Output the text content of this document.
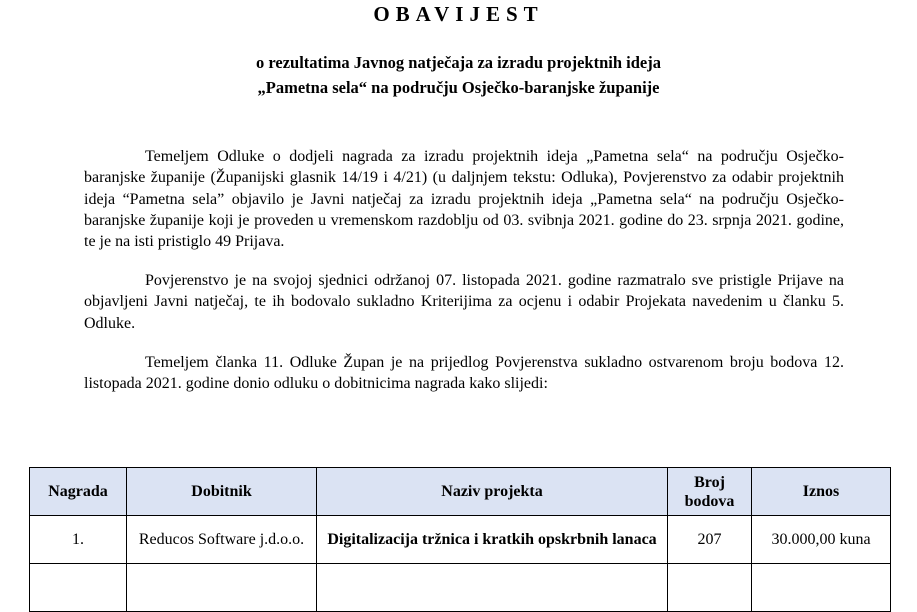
OBAVIJEST
o rezultatima Javnog natječaja za izradu projektnih ideja
„Pametna sela“ na području Osječko-baranjske županije

Temeljem Odluke o dodjeli nagrada za izradu projektnih ideja „Pametna sela“ na području Osječko-baranjske županije (Županijski glasnik 14/19 i 4/21) (u daljnjem tekstu: Odluka), Povjerenstvo za odabir projektnih ideja “Pametna sela” objavilo je Javni natječaj za izradu projektnih ideja „Pametna sela“ na području Osječko-baranjske županije koji je proveden u vremenskom razdoblju od 03. svibnja 2021. godine do 23. srpnja 2021. godine, te je na isti pristiglo 49 Prijava.

Povjerenstvo je na svojoj sjednici održanoj 07. listopada 2021. godine razmatralo sve pristigle Prijave na objavljeni Javni natječaj, te ih bodovalo sukladno Kriterijima za ocjenu i odabir Projekata navedenim u članku 5. Odluke.

Temeljem članka 11. Odluke Župan je na prijedlog Povjerenstva sukladno ostvarenom broju bodova 12. listopada 2021. godine donio odluku o dobitnicima nagrada kako slijedi:

Nagrada	Dobitnik	Naziv projekta	Broj bodova	Iznos
1.	Reducos Software j.d.o.o.	Digitalizacija tržnica i kratkih opskrbnih lanaca	207	30.000,00 kuna
